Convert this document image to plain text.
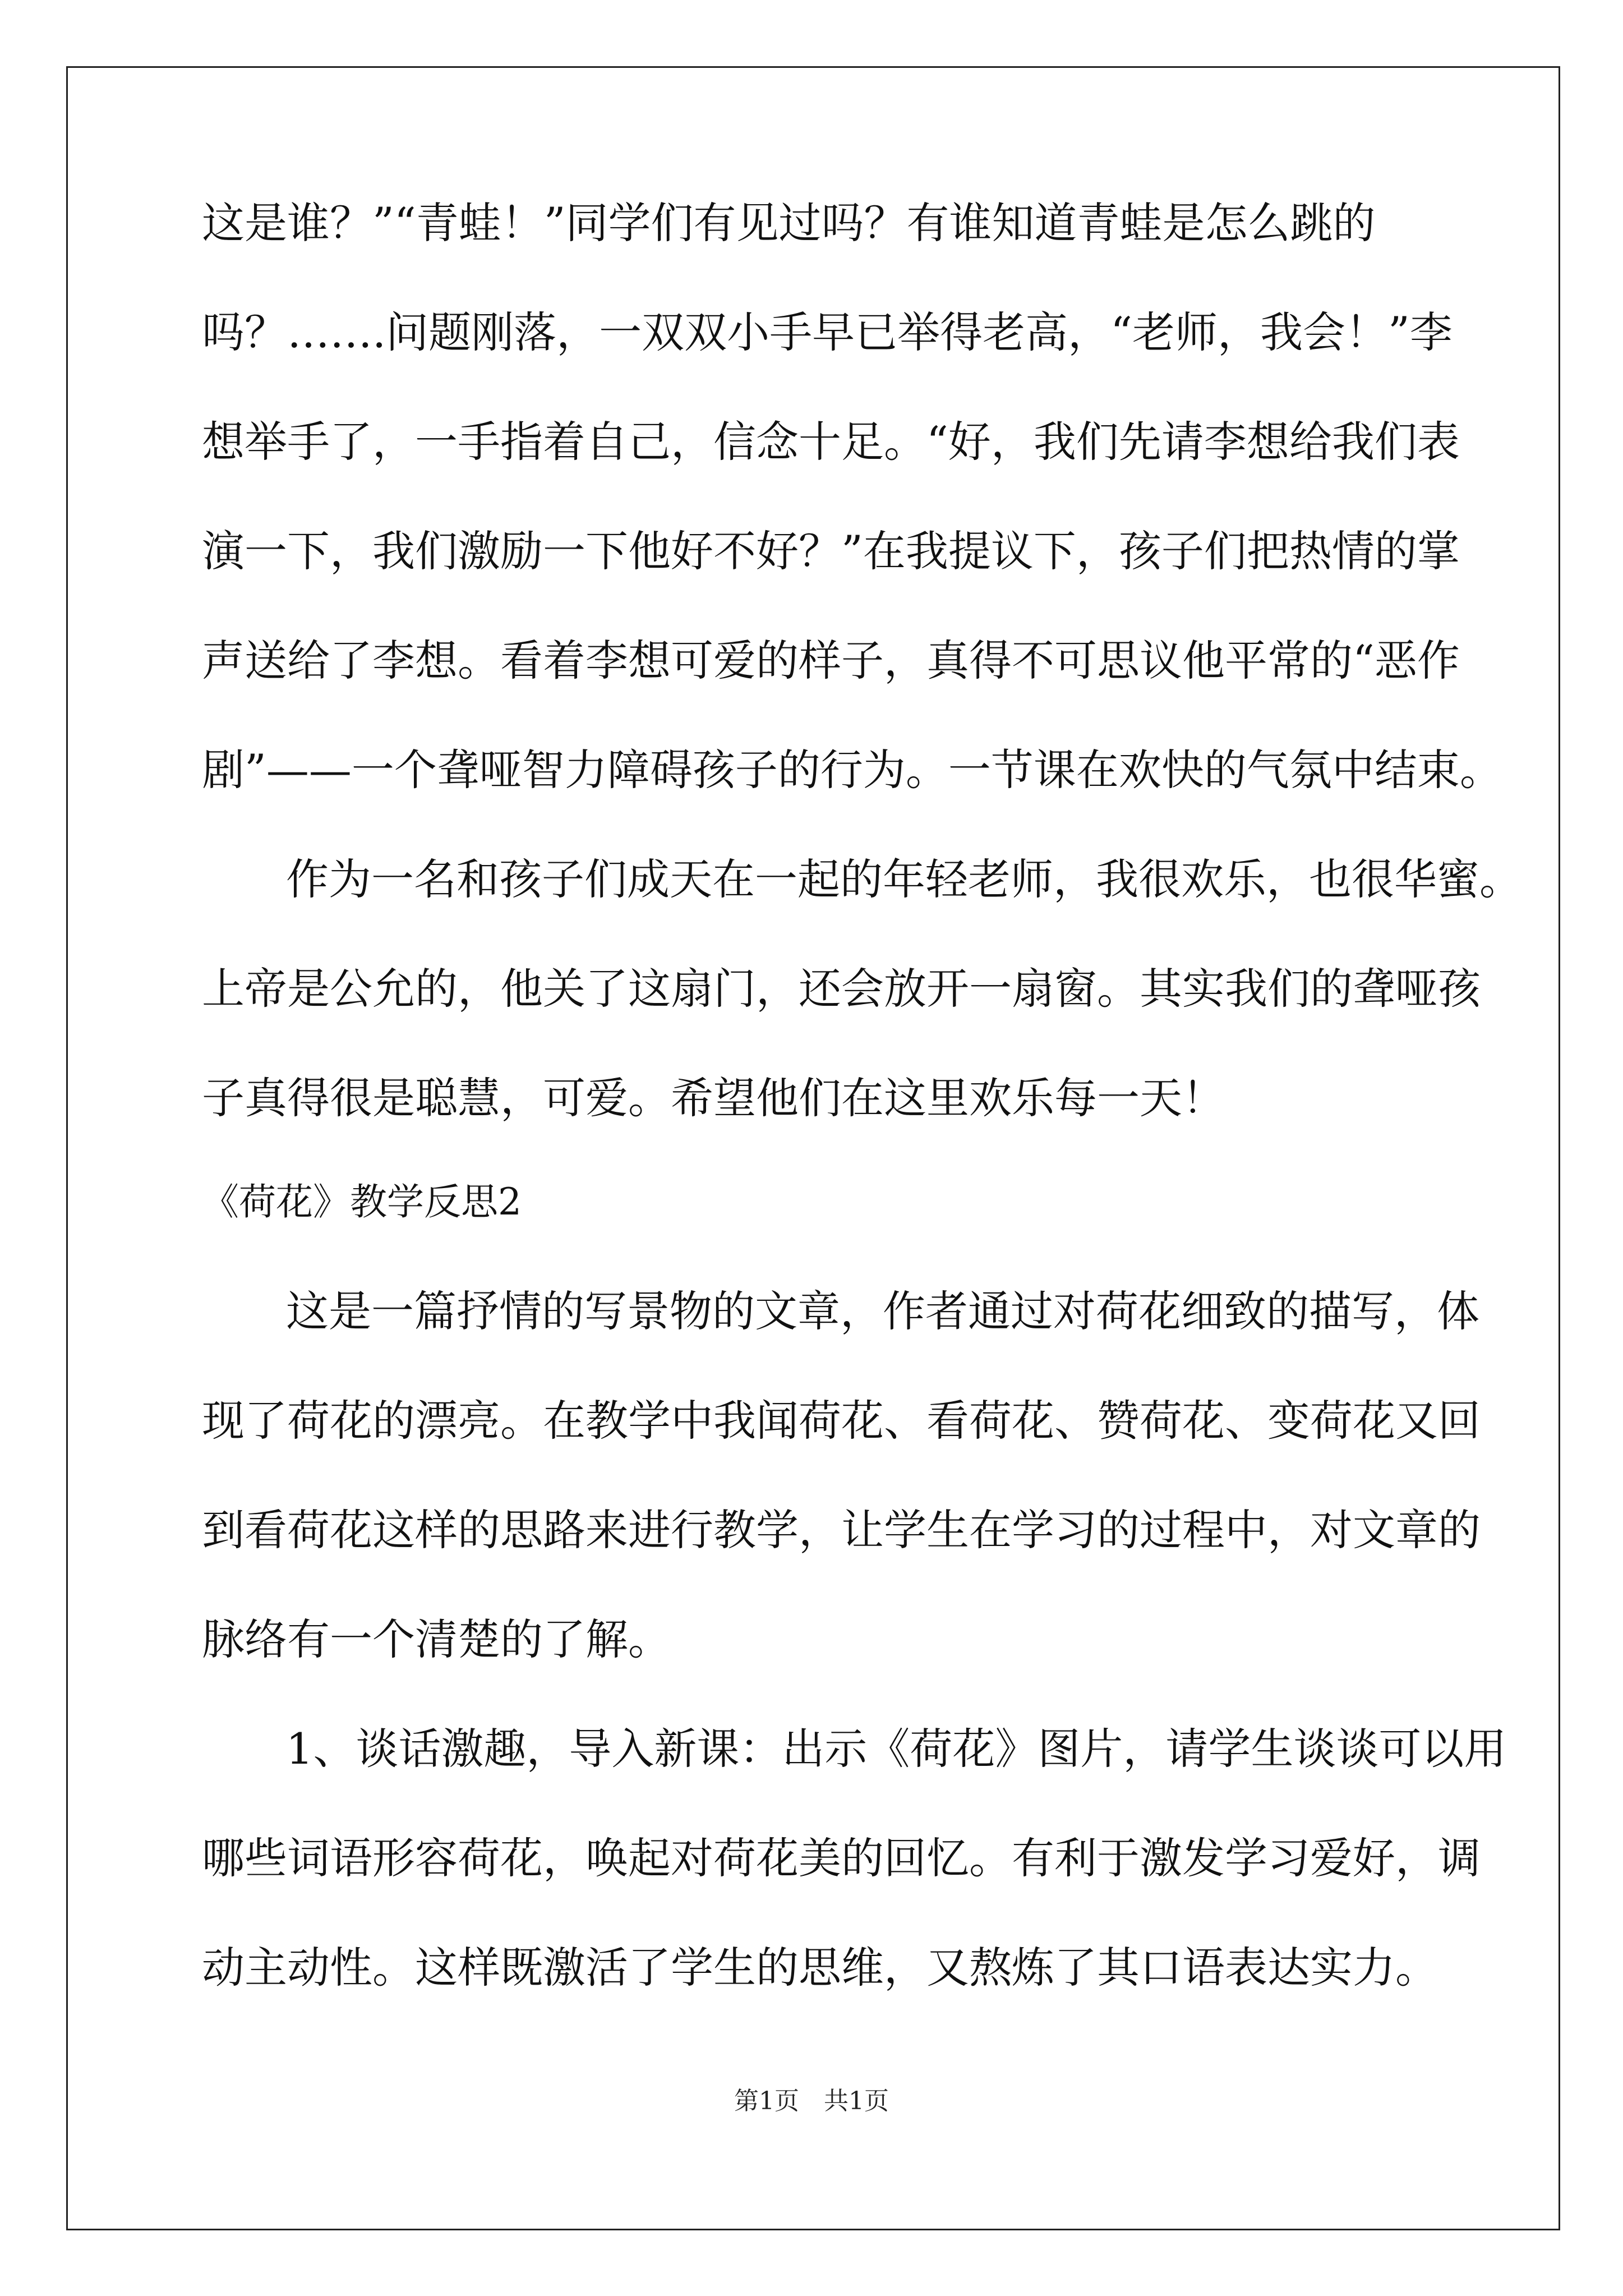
这是谁？”“青蛙！”同学们有见过吗？有谁知道青蛙是怎么跳的
吗？…….问题刚落，一双双小手早已举得老高，“老师，我会！”李
想举手了，一手指着自己，信念十足。“好，我们先请李想给我们表
演一下，我们激励一下他好不好？”在我提议下，孩子们把热情的掌
声送给了李想。看着李想可爱的样子，真得不可思议他平常的“恶作
剧”——一个聋哑智力障碍孩子的行为。一节课在欢快的气氛中结束。
作为一名和孩子们成天在一起的年轻老师，我很欢乐，也很华蜜。
上帝是公允的，他关了这扇门，还会放开一扇窗。其实我们的聋哑孩
子真得很是聪慧，可爱。希望他们在这里欢乐每一天！
《荷花》教学反思2
这是一篇抒情的写景物的文章，作者通过对荷花细致的描写，体
现了荷花的漂亮。在教学中我闻荷花、看荷花、赞荷花、变荷花又回
到看荷花这样的思路来进行教学，让学生在学习的过程中，对文章的
脉络有一个清楚的了解。
1、谈话激趣，导入新课：出示《荷花》图片，请学生谈谈可以用
哪些词语形容荷花，唤起对荷花美的回忆。有利于激发学习爱好，调
动主动性。这样既激活了学生的思维，又熬炼了其口语表达实力。
第1页　共1页
